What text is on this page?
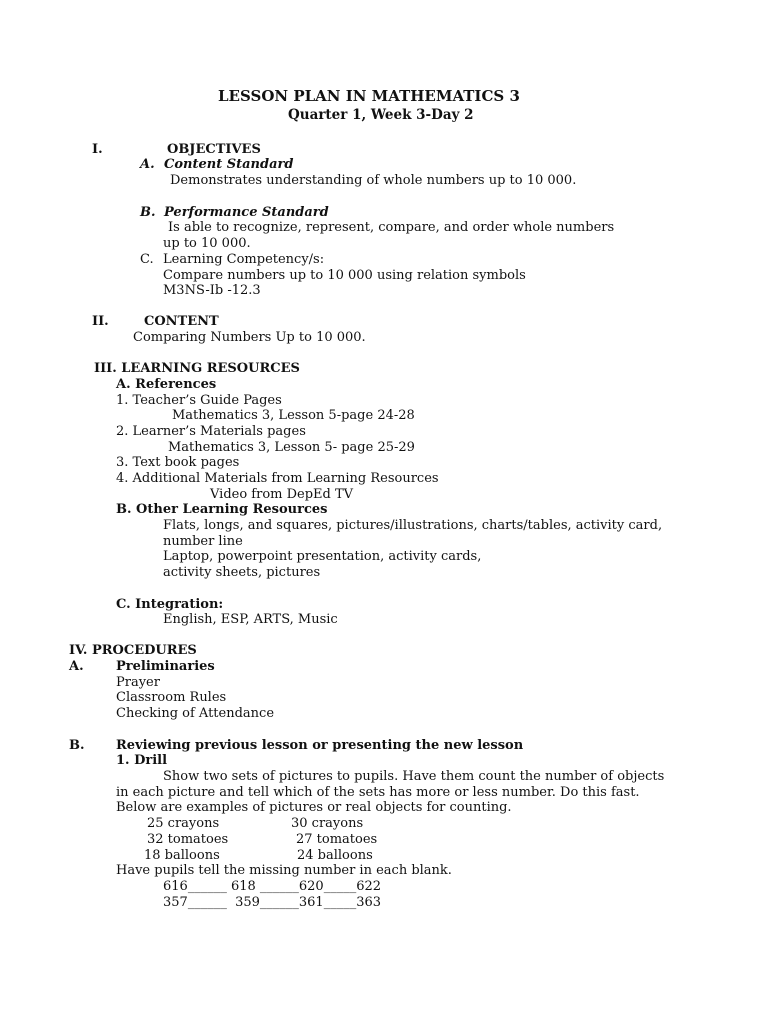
LESSON PLAN IN MATHEMATICS 3
Quarter 1, Week 3-Day 2
I.	OBJECTIVES
A. Content Standard
Demonstrates understanding of whole numbers up to 10 000.
B. Performance Standard
Is able to recognize, represent, compare, and order whole numbers
up to 10 000.
C. Learning Competency/s:
Compare numbers up to 10 000 using relation symbols
M3NS-Ib -12.3
II.	CONTENT
Comparing Numbers Up to 10 000.
III. LEARNING RESOURCES
A. References
1. Teacher’s Guide Pages
Mathematics 3, Lesson 5-page 24-28
2. Learner’s Materials pages
Mathematics 3, Lesson 5- page 25-29
3. Text book pages
4. Additional Materials from Learning Resources
Video from DepEd TV
B. Other Learning Resources
Flats, longs, and squares, pictures/illustrations, charts/tables, activity card,
number line
Laptop, powerpoint presentation, activity cards,
activity sheets, pictures
C. Integration:
English, ESP, ARTS, Music
IV. PROCEDURES
A. Preliminaries
Prayer
Classroom Rules
Checking of Attendance
B. Reviewing previous lesson or presenting the new lesson
1. Drill
Show two sets of pictures to pupils. Have them count the number of objects
in each picture and tell which of the sets has more or less number. Do this fast.
Below are examples of pictures or real objects for counting.
25 crayons	30 crayons
32 tomatoes	27 tomatoes
18 balloons	24 balloons
Have pupils tell the missing number in each blank.
616______ 618 ______620_____622
357______  359______361_____363
